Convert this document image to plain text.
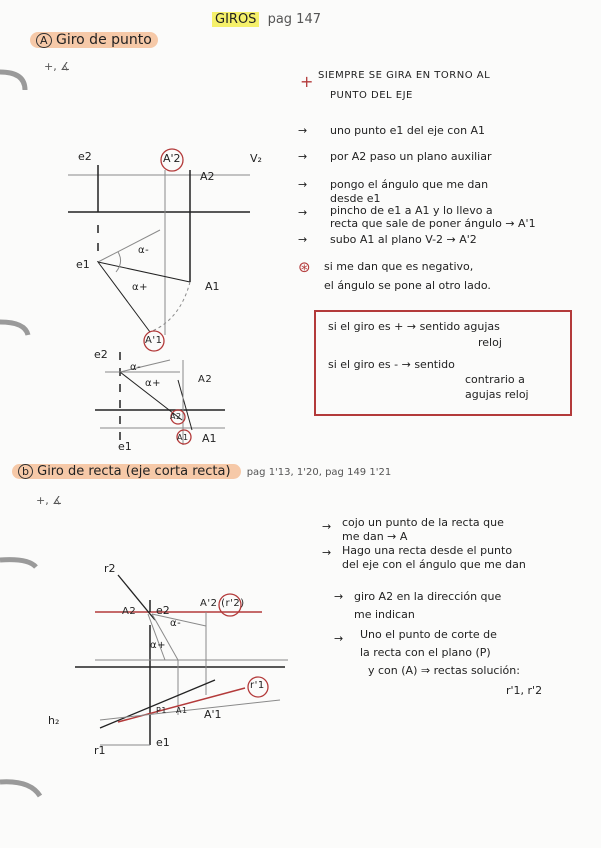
GIROS pag 147
A Giro de punto
+, ∡
+ SIEMPRE SE GIRA EN TORNO AL
PUNTO DEL EJE
→ uno punto e1 del eje con A1
→ por A2 paso un plano auxiliar
→ pongo el ángulo que me dan
desde e1
→ pincho de e1 a A1 y lo llevo a
recta que sale de poner ángulo → A'1
→ subo A1 al plano V-2 → A'2
⊛ si me dan que es negativo,
el ángulo se pone al otro lado.
si el giro es + → sentido agujas
reloj
si el giro es - → sentido
contrario a
agujas reloj
e2	A'2	V₂
A2
e1
A1
α-
α+
A'1
e2
α-
α+	A2
A2
A1 A1
e1
b Giro de recta (eje corta recta) pag 1'13, 1'20, pag 149 1'21
+, ∡
→ cojo un punto de la recta que
me dan → A
→ Hago una recta desde el punto
del eje con el ángulo que me dan
→ giro A2 en la dirección que
me indican
→ Uno el punto de corte de
la recta con el plano (P)
y con (A) ⇒ rectas solución:
r'1, r'2
r2
A2 e2
A'2 (r'2)
α-
α+
r'1
h₂
P1 A1 A'1
r1
e1
